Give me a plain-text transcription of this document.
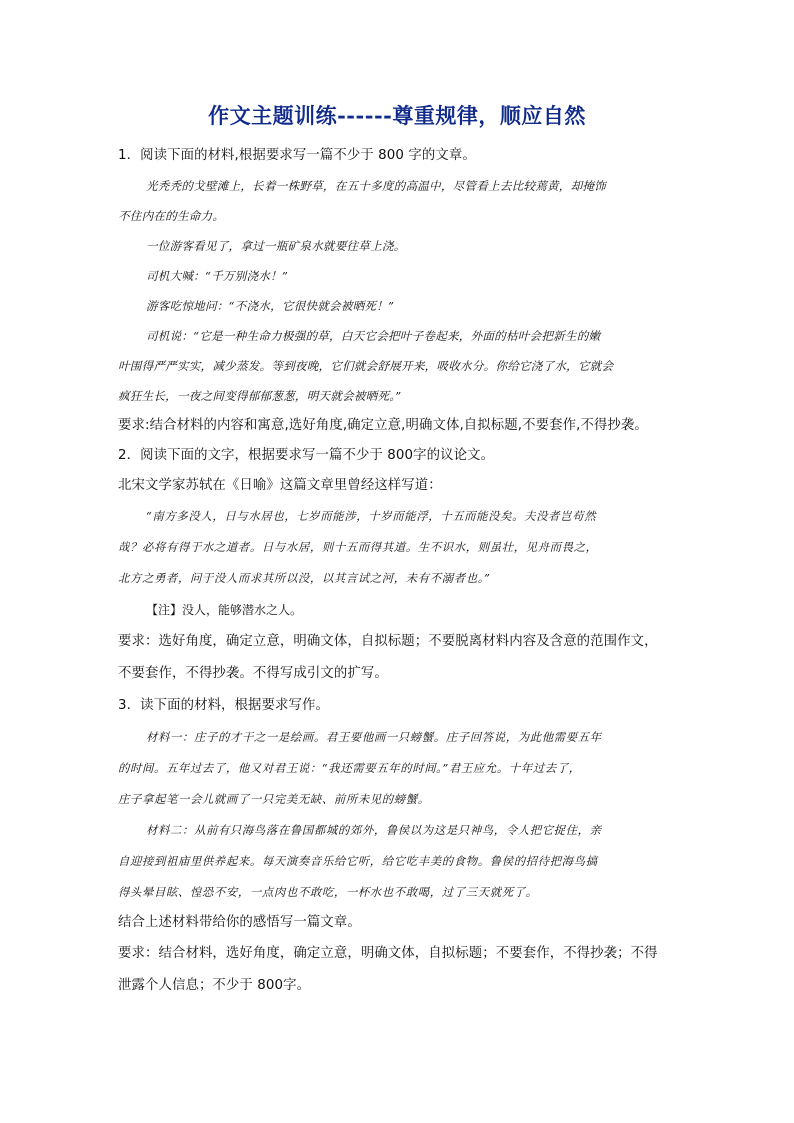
作文主题训练------尊重规律，顺应自然

1．阅读下面的材料,根据要求写一篇不少于 800 字的文章。

光秃秃的戈壁滩上，长着一株野草，在五十多度的高温中，尽管看上去比较蔫黄，却掩饰

不住内在的生命力。

一位游客看见了，拿过一瓶矿泉水就要往草上浇。

司机大喊：“千万别浇水！”

游客吃惊地问：“不浇水，它很快就会被晒死！”

司机说：“它是一种生命力极强的草，白天它会把叶子卷起来，外面的枯叶会把新生的嫩

叶围得严严实实，减少蒸发。等到夜晚，它们就会舒展开来，吸收水分。你给它浇了水，它就会

疯狂生长，一夜之间变得郁郁葱葱，明天就会被晒死。”

要求:结合材料的内容和寓意,选好角度,确定立意,明确文体,自拟标题,不要套作,不得抄袭。

2．阅读下面的文字，根据要求写一篇不少于 800字的议论文。

北宋文学家苏轼在《日喻》这篇文章里曾经这样写道：

“南方多没人，日与水居也，七岁而能涉，十岁而能浮，十五而能没矣。夫没者岂苟然

哉？必将有得于水之道者。日与水居，则十五而得其道。生不识水，则虽壮，见舟而畏之，

北方之勇者，问于没人而求其所以没，以其言试之河，未有不溺者也。”

【注】没人，能够潜水之人。

要求：选好角度，确定立意，明确文体，自拟标题；不要脱离材料内容及含意的范围作文，

不要套作，不得抄袭。不得写成引文的扩写。

3．读下面的材料，根据要求写作。

材料一：庄子的才干之一是绘画。君王要他画一只螃蟹。庄子回答说，为此他需要五年

的时间。五年过去了，他又对君王说：“我还需要五年的时间。”君王应允。十年过去了，

庄子拿起笔一会儿就画了一只完美无缺、前所未见的螃蟹。

材料二：从前有只海鸟落在鲁国都城的郊外，鲁侯以为这是只神鸟，令人把它捉住，亲

自迎接到祖庙里供养起来。每天演奏音乐给它听，给它吃丰美的食物。鲁侯的招待把海鸟搞

得头晕目眩、惶恐不安，一点肉也不敢吃，一杯水也不敢喝，过了三天就死了。

结合上述材料带给你的感悟写一篇文章。

要求：结合材料，选好角度，确定立意，明确文体，自拟标题；不要套作，不得抄袭；不得

泄露个人信息；不少于 800字。
